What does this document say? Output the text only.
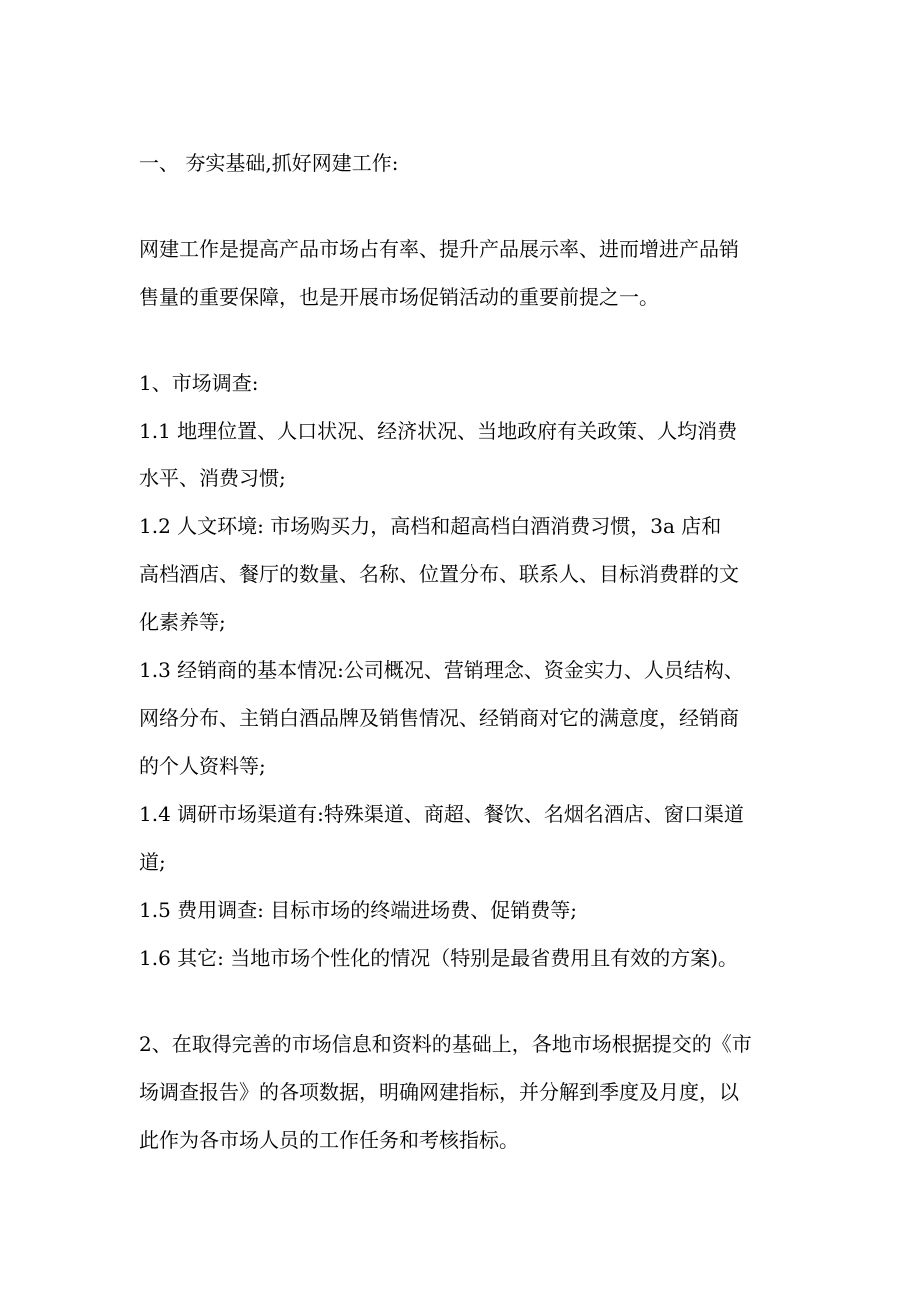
一、 夯实基础,抓好网建工作:

网建工作是提高产品市场占有率、提升产品展示率、进而增进产品销

售量的重要保障，也是开展市场促销活动的重要前提之一。

1、市场调查:

1.1 地理位置、人口状况、经济状况、当地政府有关政策、人均消费

水平、消费习惯;

1.2 人文环境: 市场购买力，高档和超高档白酒消费习惯，3a 店和

高档酒店、餐厅的数量、名称、位置分布、联系人、目标消费群的文

化素养等;

1.3 经销商的基本情况:公司概况、营销理念、资金实力、人员结构、

网络分布、主销白酒品牌及销售情况、经销商对它的满意度，经销商

的个人资料等;

1.4 调研市场渠道有:特殊渠道、商超、餐饮、名烟名酒店、窗口渠道

道;

1.5 费用调查: 目标市场的终端进场费、促销费等;

1.6 其它: 当地市场个性化的情况（特别是最省费用且有效的方案)。

2、在取得完善的市场信息和资料的基础上，各地市场根据提交的《市

场调查报告》的各项数据，明确网建指标，并分解到季度及月度，以

此作为各市场人员的工作任务和考核指标。
